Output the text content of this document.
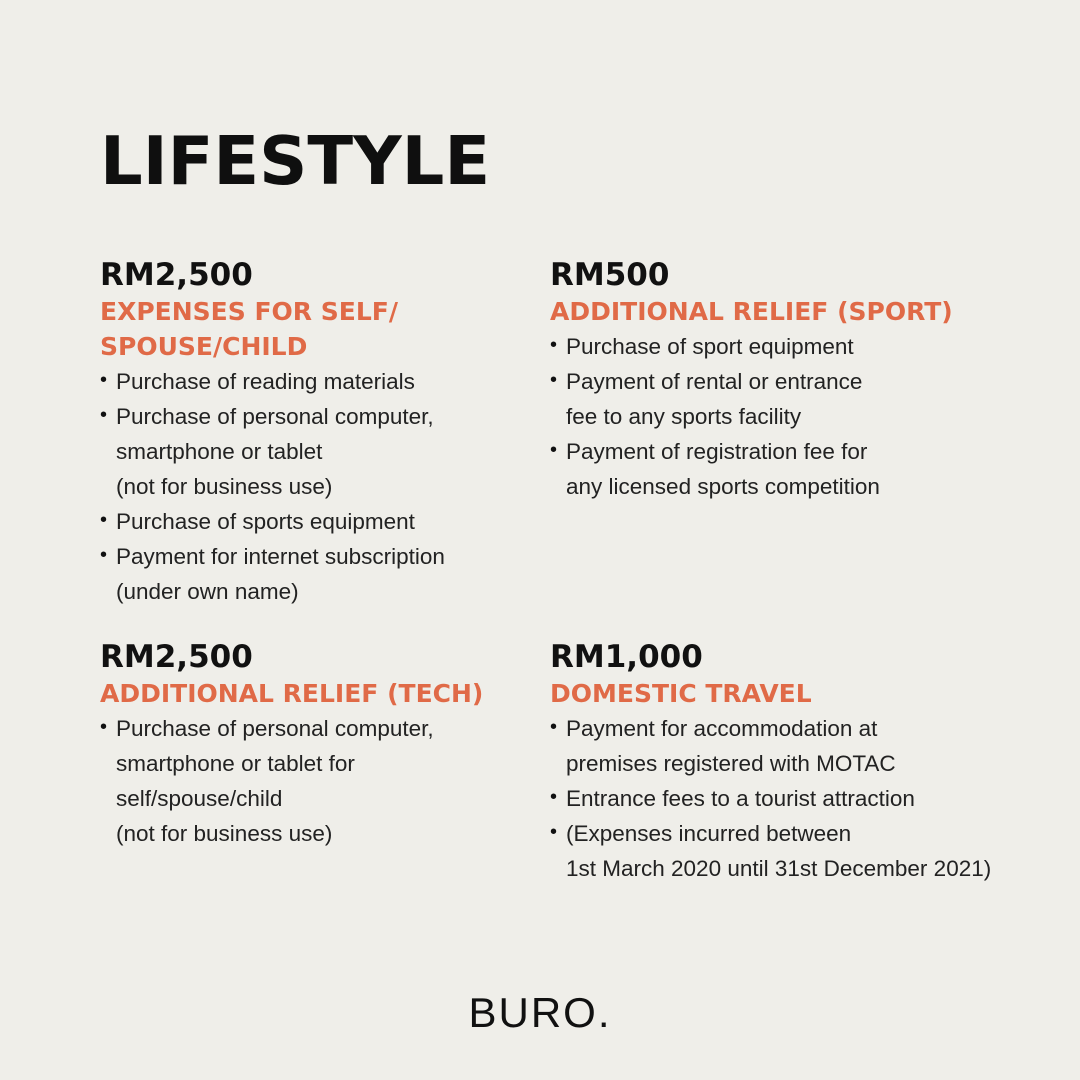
LIFESTYLE
RM2,500
EXPENSES FOR SELF/
SPOUSE/CHILD
• Purchase of reading materials
• Purchase of personal computer,
smartphone or tablet
(not for business use)
• Purchase of sports equipment
• Payment for internet subscription
(under own name)
RM500
ADDITIONAL RELIEF (SPORT)
• Purchase of sport equipment
• Payment of rental or entrance
fee to any sports facility
• Payment of registration fee for
any licensed sports competition
RM2,500
ADDITIONAL RELIEF (TECH)
• Purchase of personal computer,
smartphone or tablet for
self/spouse/child
(not for business use)
RM1,000
DOMESTIC TRAVEL
• Payment for accommodation at
premises registered with MOTAC
• Entrance fees to a tourist attraction
• (Expenses incurred between
1st March 2020 until 31st December 2021)
BURO.
